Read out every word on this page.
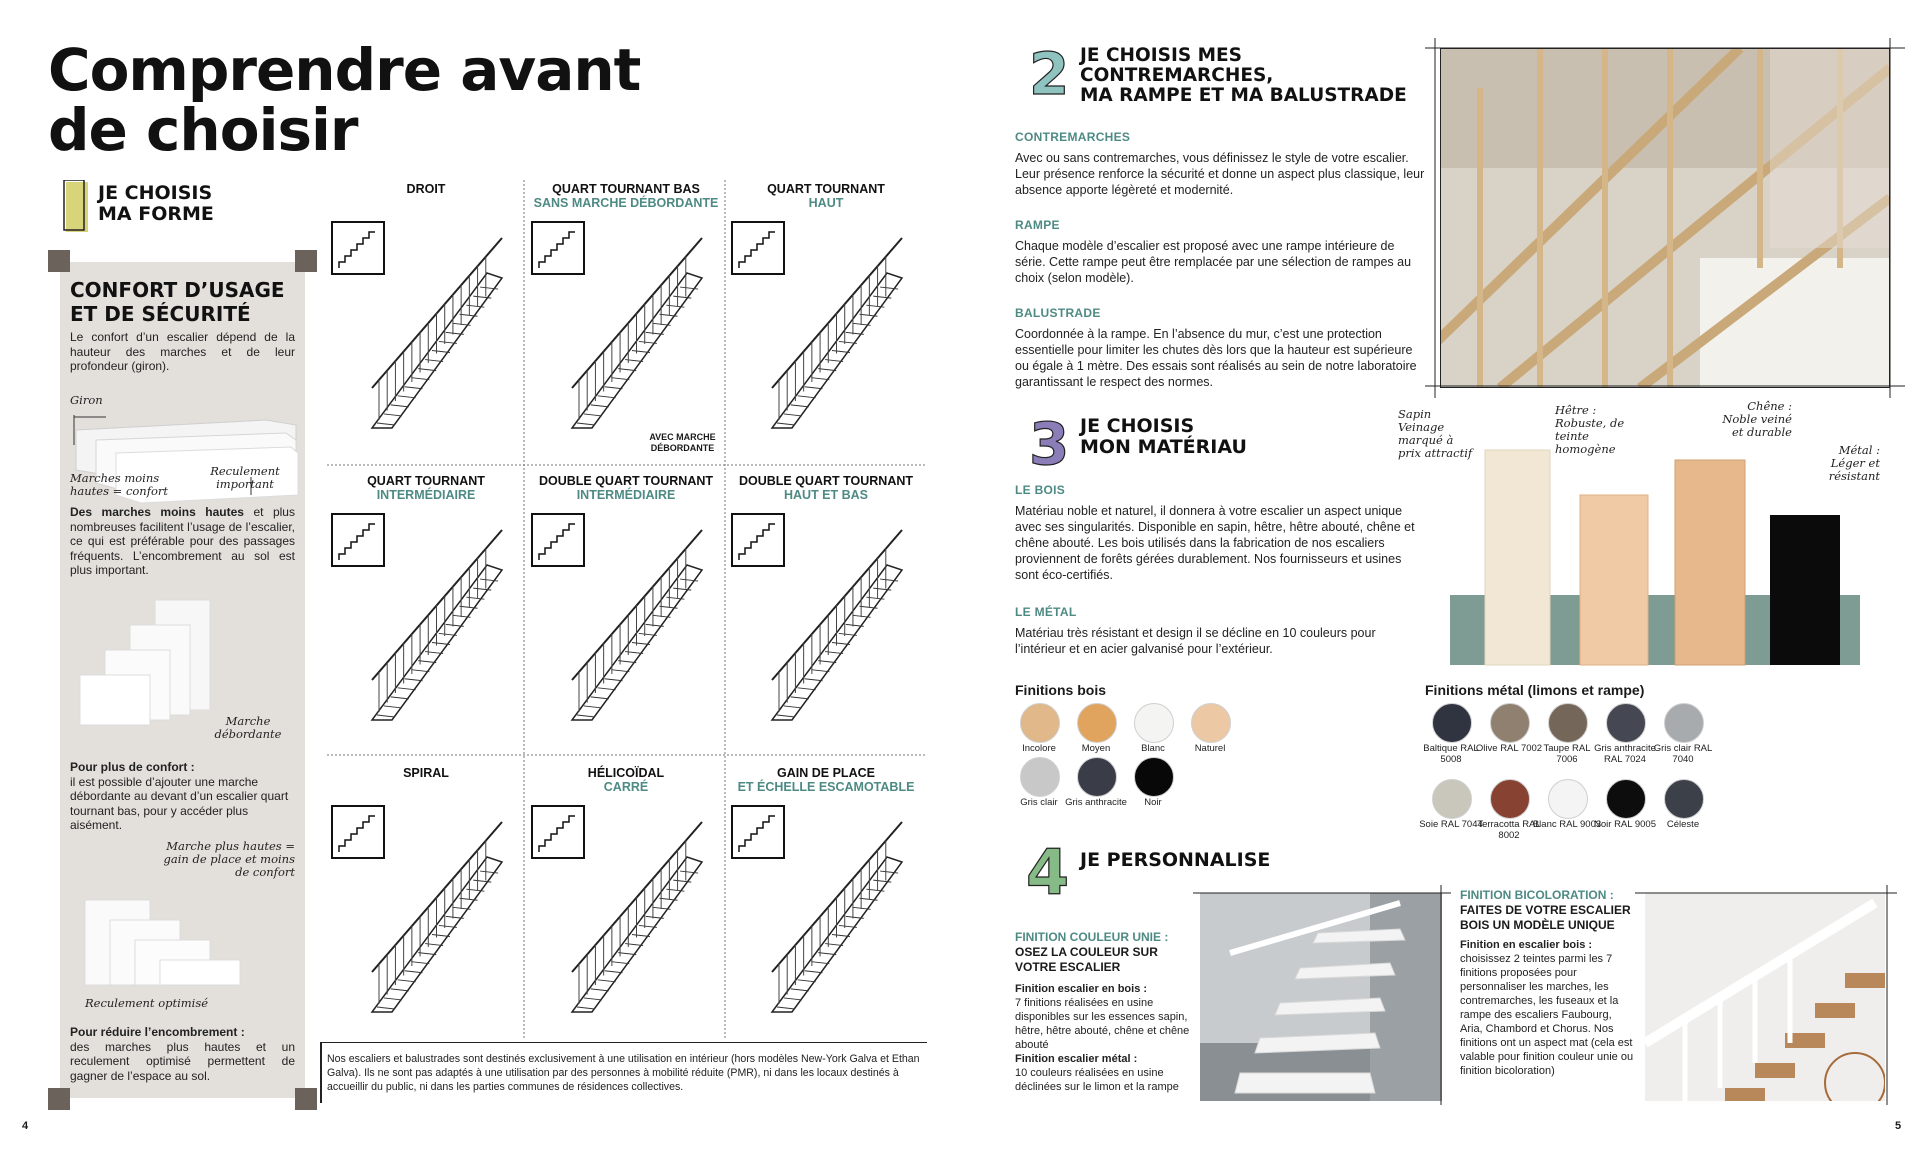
Comprendre avant
de choisir
JE CHOISIS
MA FORME
CONFORT D’USAGE
ET DE SÉCURITÉ
Le confort d’un escalier dépend de la hauteur des marches et de leur profondeur (giron).
Giron
Marches moins hautes = confort
Reculement important
Des marches moins hautes et plus nombreuses facilitent l’usage de l’escalier, ce qui est préférable pour des passages fréquents. L’encombrement au sol est plus important.
Marche débordante
Pour plus de confort :
il est possible d’ajouter une marche débordante au devant d’un escalier quart tournant bas, pour y accéder plus aisément.
Marche plus hautes = gain de place et moins de confort
Reculement optimisé
Pour réduire l’encombrement :
des marches plus hautes et un reculement optimisé permettent de gagner de l’espace au sol.
DROIT	QUART TOURNANT BAS
SANS MARCHE DÉBORDANTE
AVEC MARCHE DÉBORDANTE
QUART TOURNANT
HAUT
QUART TOURNANT
INTERMÉDIAIRE
DOUBLE QUART TOURNANT
INTERMÉDIAIRE
DOUBLE QUART TOURNANT
HAUT ET BAS
SPIRAL	HÉLICOÏDAL
CARRÉ
GAIN DE PLACE
ET ÉCHELLE ESCAMOTABLE
Nos escaliers et balustrades sont destinés exclusivement à une utilisation en intérieur (hors modèles New-York Galva et Ethan Galva). Ils ne sont pas adaptés à une utilisation par des personnes à mobilité réduite (PMR), ni dans les locaux destinés à accueillir du public, ni dans les parties communes de résidences collectives.
4
2 JE CHOISIS MES
CONTREMARCHES,
MA RAMPE ET MA BALUSTRADE
CONTREMARCHES
Avec ou sans contremarches, vous définissez le style de votre escalier. Leur présence renforce la sécurité et donne un aspect plus classique, leur absence apporte légèreté et modernité.
RAMPE
Chaque modèle d’escalier est proposé avec une rampe intérieure de série. Cette rampe peut être remplacée par une sélection de rampes au choix (selon modèle).
BALUSTRADE
Coordonnée à la rampe. En l’absence du mur, c’est une protection essentielle pour limiter les chutes dès lors que la hauteur est supérieure ou égale à 1 mètre. Des essais sont réalisés au sein de notre laboratoire garantissant le respect des normes.
3 JE CHOISIS
MON MATÉRIAU
LE BOIS
Matériau noble et naturel, il donnera à votre escalier un aspect unique avec ses singularités. Disponible en sapin, hêtre, hêtre abouté, chêne et chêne abouté. Les bois utilisés dans la fabrication de nos escaliers proviennent de forêts gérées durablement. Nos fournisseurs et usines sont éco-certifiés.
LE MÉTAL
Matériau très résistant et design il se décline en 10 couleurs pour l’intérieur et en acier galvanisé pour l’extérieur.
Sapin Veinage marqué à prix attractif
Hêtre : Robuste, de teinte homogène
Chêne : Noble veiné et durable
Métal : Léger et résistant
Finitions bois
Incolore	Moyen	Blanc	Naturel
Gris clair Gris anthracite	Noir
Finitions métal (limons et rampe)
Baltique RAL 5008
Olive RAL 7002 Taupe RAL 7006
Gris anthracite RAL 7024
Gris clair RAL 7040
Soie RAL 7044
Terracotta RAL 8002
Blanc RAL 9003
Noir RAL 9005	Céleste
4 JE PERSONNALISE
FINITION COULEUR UNIE :
OSEZ LA COULEUR SUR
VOTRE ESCALIER
Finition escalier en bois :
7 finitions réalisées en usine disponibles sur les essences sapin, hêtre, hêtre abouté, chêne et chêne abouté
Finition escalier métal :
10 couleurs réalisées en usine déclinées sur le limon et la rampe
FINITION BICOLORATION :
FAITES DE VOTRE ESCALIER
BOIS UN MODÈLE UNIQUE
Finition en escalier bois :
choisissez 2 teintes parmi les 7 finitions proposées pour personnaliser les marches, les contremarches, les fuseaux et la rampe des escaliers Faubourg, Aria, Chambord et Chorus. Nos finitions ont un aspect mat (cela est valable pour finition couleur unie ou finition bicoloration)
5
